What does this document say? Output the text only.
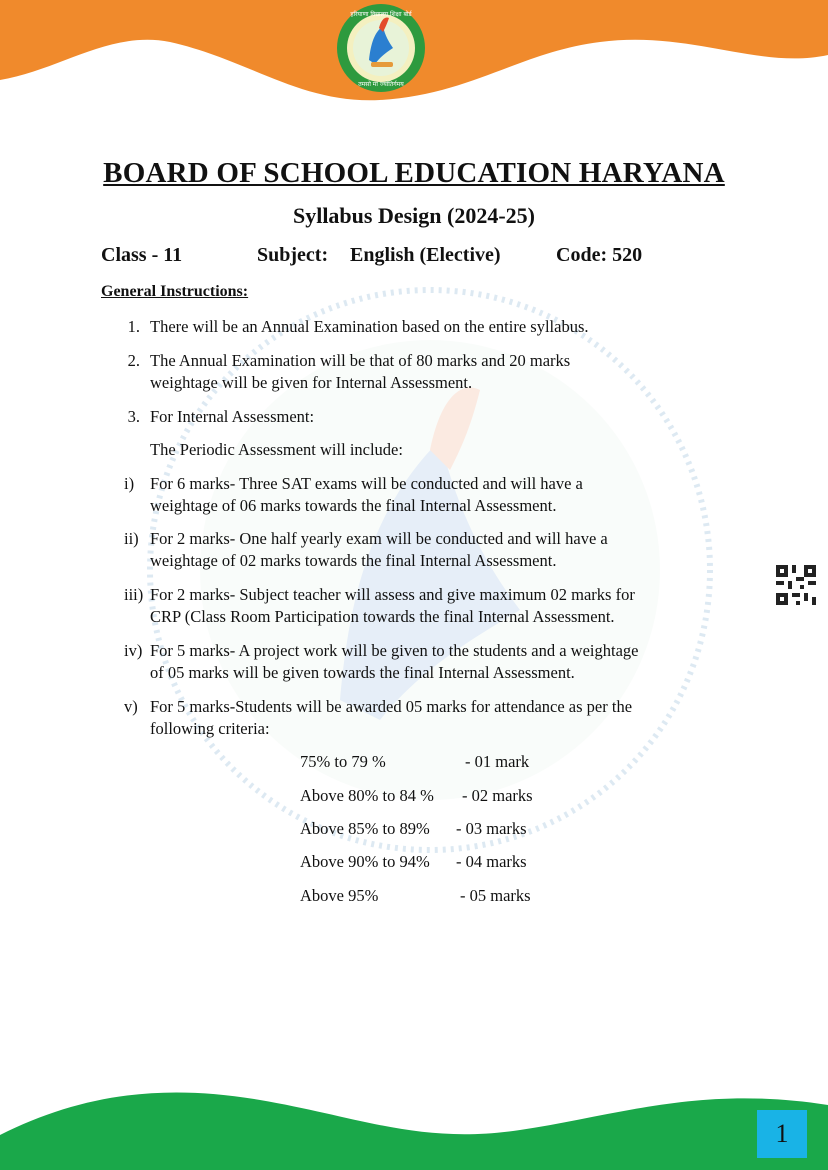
हरियाणा विद्यालय शिक्षा बोर्ड
तमसो मा ज्योतिर्गमय
BOARD OF SCHOOL EDUCATION HARYANA
Syllabus Design (2024-25)
Class - 11	Subject: English (Elective)	Code: 520
General Instructions:
1. There will be an Annual Examination based on the entire syllabus.
2. The Annual Examination will be that of 80 marks and 20 marks
weightage will be given for Internal Assessment.
3. For Internal Assessment:
The Periodic Assessment will include:
i) For 6 marks- Three SAT exams will be conducted and will have a
weightage of 06 marks towards the final Internal Assessment.
ii) For 2 marks- One half yearly exam will be conducted and will have a
weightage of 02 marks towards the final Internal Assessment.
iii) For 2 marks- Subject teacher will assess and give maximum 02 marks for
CRP (Class Room Participation towards the final Internal Assessment.
iv) For 5 marks- A project work will be given to the students and a weightage
of 05 marks will be given towards the final Internal Assessment.
v) For 5 marks-Students will be awarded 05 marks for attendance as per the
following criteria:
75% to 79 %	- 01 mark
Above 80% to 84 % - 02 marks
Above 85% to 89% - 03 marks
Above 90% to 94% - 04 marks
Above 95%	- 05 marks
1
